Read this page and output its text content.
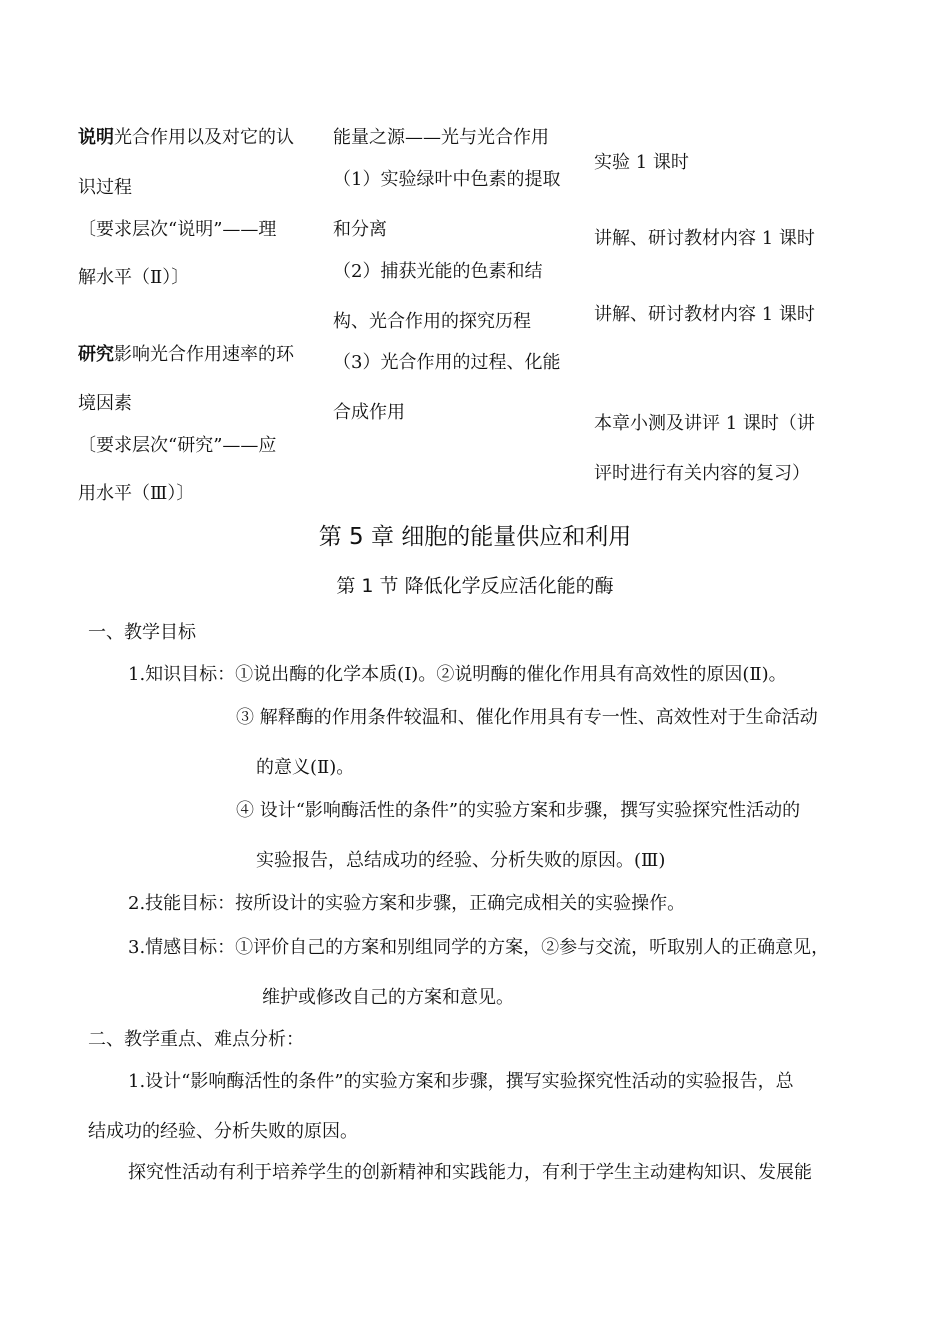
说明光合作用以及对它的认
识过程
〔要求层次“说明”——理
解水平（Ⅱ）〕
研究影响光合作用速率的环
境因素
〔要求层次“研究”——应
用水平（Ⅲ）〕
能量之源——光与光合作用
（1）实验绿叶中色素的提取
和分离
（2）捕获光能的色素和结
构、光合作用的探究历程
（3）光合作用的过程、化能
合成作用
实验 1 课时
讲解、研讨教材内容 1 课时
讲解、研讨教材内容 1 课时
本章小测及讲评 1 课时（讲
评时进行有关内容的复习）
第 5 章 细胞的能量供应和利用
第 1 节 降低化学反应活化能的酶
一、教学目标
1.知识目标：①说出酶的化学本质(Ⅰ)。②说明酶的催化作用具有高效性的原因(Ⅱ)。
③ 解释酶的作用条件较温和、催化作用具有专一性、高效性对于生命活动
的意义(Ⅱ)。
④ 设计“影响酶活性的条件”的实验方案和步骤，撰写实验探究性活动的
实验报告，总结成功的经验、分析失败的原因。(Ⅲ)
2.技能目标：按所设计的实验方案和步骤，正确完成相关的实验操作。
3.情感目标：①评价自己的方案和别组同学的方案，②参与交流，听取别人的正确意见，
维护或修改自己的方案和意见。
二、教学重点、难点分析：
1.设计“影响酶活性的条件”的实验方案和步骤，撰写实验探究性活动的实验报告，总
结成功的经验、分析失败的原因。
探究性活动有利于培养学生的创新精神和实践能力，有利于学生主动建构知识、发展能
